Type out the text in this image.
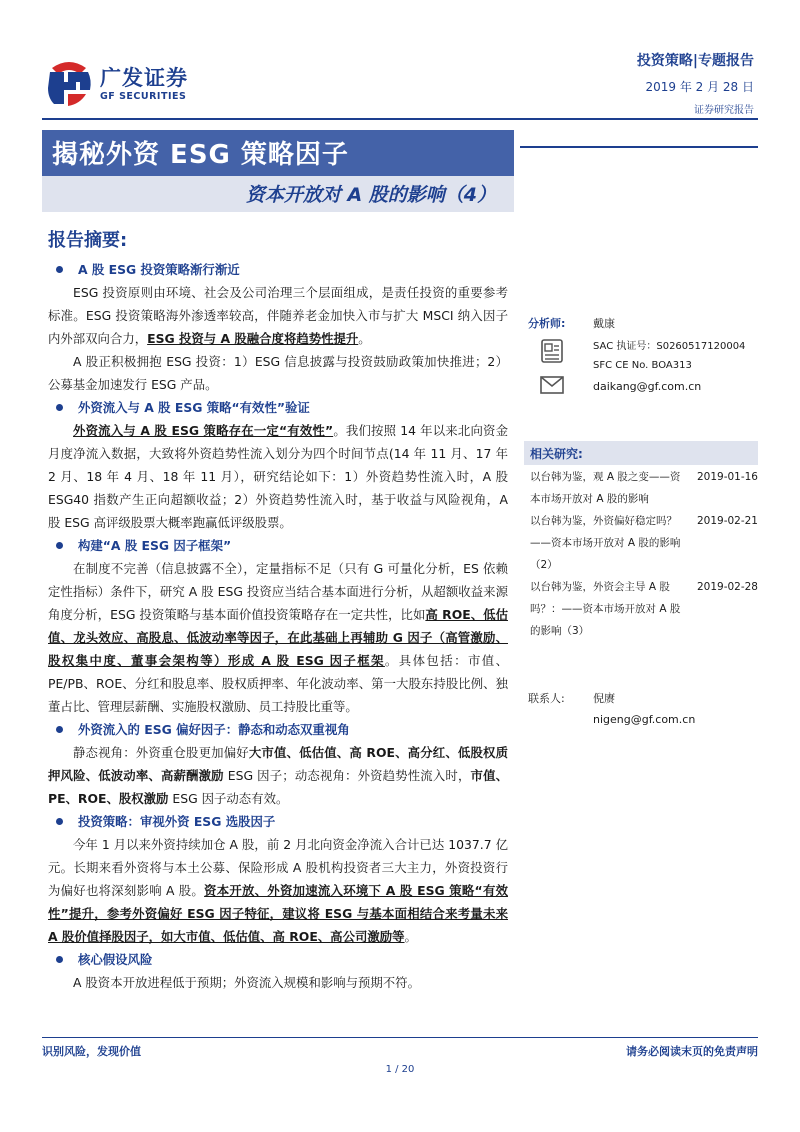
广发证券
GF SECURITIES
投资策略|专题报告
2019 年 2 月 28 日
证券研究报告
揭秘外资 ESG 策略因子
资本开放对 A 股的影响（4）
报告摘要:
A 股 ESG 投资策略渐行渐近
ESG 投资原则由环境、社会及公司治理三个层面组成，是责任投资的重要参考标准。ESG 投资策略海外渗透率较高，伴随养老金加快入市与扩大 MSCI 纳入因子内外部双向合力，ESG 投资与 A 股融合度将趋势性提升。
A 股正积极拥抱 ESG 投资：1）ESG 信息披露与投资鼓励政策加快推进；2）公募基金加速发行 ESG 产品。
外资流入与 A 股 ESG 策略“有效性”验证
外资流入与 A 股 ESG 策略存在一定“有效性”。我们按照 14 年以来北向资金月度净流入数据，大致将外资趋势性流入划分为四个时间节点(14 年 11 月、17 年 2 月、18 年 4 月、18 年 11 月），研究结论如下：1）外资趋势性流入时，A 股 ESG40 指数产生正向超额收益；2）外资趋势性流入时，基于收益与风险视角，A 股 ESG 高评级股票大概率跑赢低评级股票。
构建“A 股 ESG 因子框架”
在制度不完善（信息披露不全），定量指标不足（只有 G 可量化分析，ES 依赖定性指标）条件下，研究 A 股 ESG 投资应当结合基本面进行分析，从超额收益来源角度分析，ESG 投资策略与基本面价值投资策略存在一定共性，比如高 ROE、低估值、龙头效应、高股息、低波动率等因子，在此基础上再辅助 G 因子（高管激励、股权集中度、董事会架构等）形成 A 股 ESG 因子框架。具体包括：市值、PE/PB、ROE、分红和股息率、股权质押率、年化波动率、第一大股东持股比例、独董占比、管理层薪酬、实施股权激励、员工持股比重等。
外资流入的 ESG 偏好因子：静态和动态双重视角
静态视角：外资重仓股更加偏好大市值、低估值、高 ROE、高分红、低股权质押风险、低波动率、高薪酬激励 ESG 因子；动态视角：外资趋势性流入时，市值、PE、ROE、股权激励 ESG 因子动态有效。
投资策略：审视外资 ESG 选股因子
今年 1 月以来外资持续加仓 A 股，前 2 月北向资金净流入合计已达 1037.7 亿元。长期来看外资将与本土公募、保险形成 A 股机构投资者三大主力，外资投资行为偏好也将深刻影响 A 股。资本开放、外资加速流入环境下 A 股 ESG 策略“有效性”提升，参考外资偏好 ESG 因子特征，建议将 ESG 与基本面相结合来考量未来 A 股价值择股因子，如大市值、低估值、高 ROE、高公司激励等。
核心假设风险
A 股资本开放进程低于预期；外资流入规模和影响与预期不符。
分析师:	戴康
SAC 执证号：S0260517120004
SFC CE No. BOA313
daikang@gf.com.cn
相关研究:
以台韩为鉴，观 A 股之变——资本市场开放对 A 股的影响
2019-01-16
以台韩为鉴，外资偏好稳定吗？——资本市场开放对 A 股的影响（2）
2019-02-21
以台韩为鉴，外资会主导 A 股吗？：——资本市场开放对 A 股的影响（3）
2019-02-28
联系人:	倪赓
nigeng@gf.com.cn
识别风险，发现价值	请务必阅读末页的免责声明
1 / 20
